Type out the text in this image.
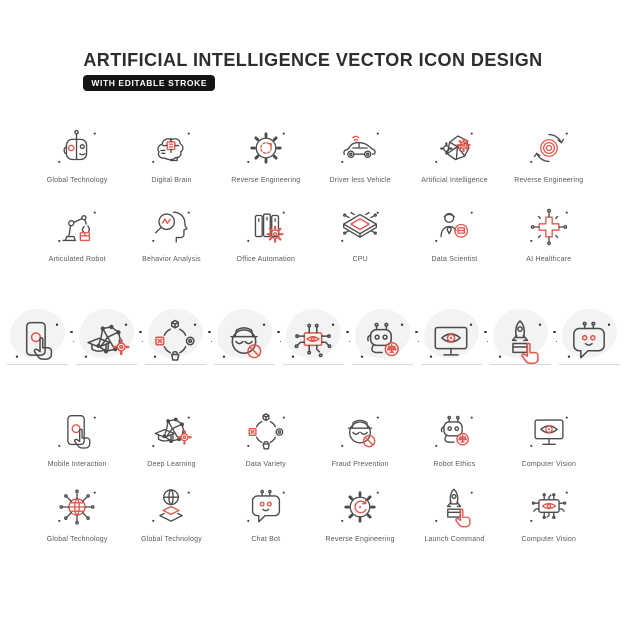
ARTIFICIAL INTELLIGENCE VECTOR ICON DESIGN
WITH EDITABLE STROKE
Global Technology	Digital Brain	Reverse Engineering	Driver less Vehicle	Artificial Intelligence	Reverse Engineering
Articulated Robot	Behavior Analysis	Office Automation	CPU	Data Scientist	AI Healthcare
Mobile Interaction	Deep Learning	Data Variety	Fraud Prevention	Robot Ethics	Computer Vision
Global Technology	Global Technology	Chat Bot	Reverse Engineering	Launch Command	Computer Vision
